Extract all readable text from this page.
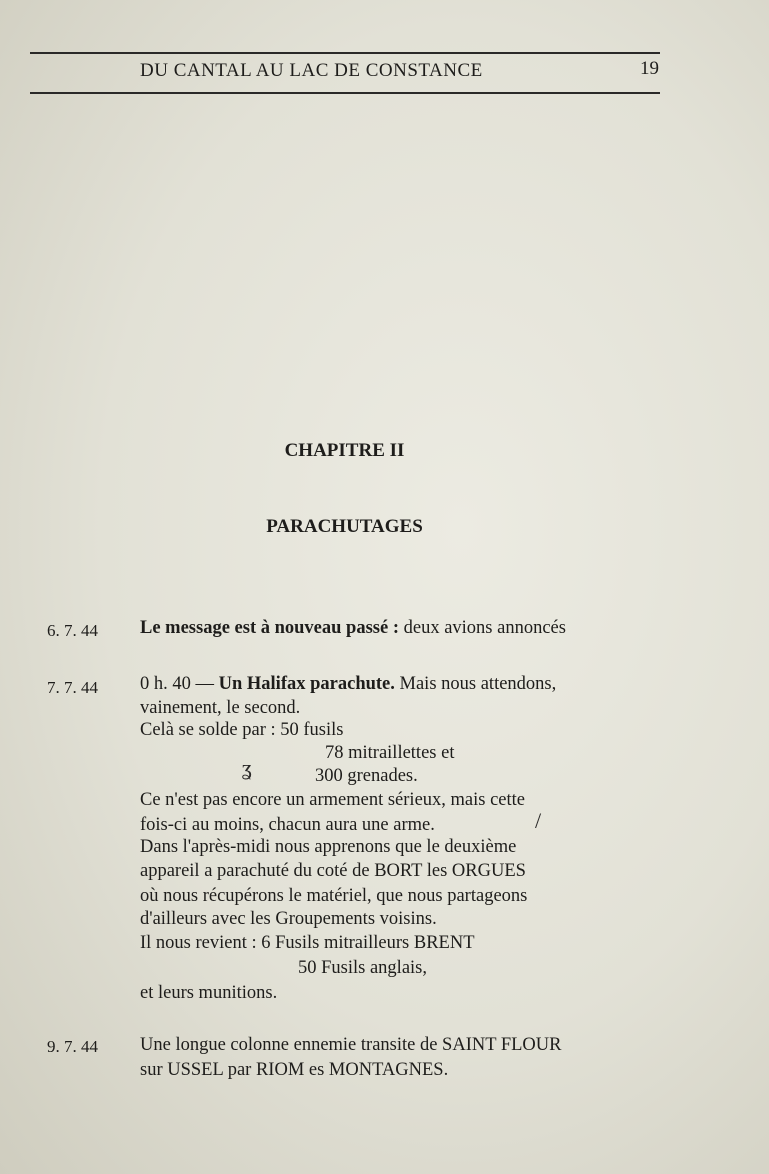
DU CANTAL AU LAC DE CONSTANCE	19
CHAPITRE II
PARACHUTAGES
6. 7. 44 Le message est à nouveau passé : deux avions annoncés
7. 7. 44 0 h. 40 — Un Halifax parachute. Mais nous attendons,
vainement, le second.
Celà se solde par : 50 fusils
78 mitraillettes et
300 grenades.
ʓ
Ce n'est pas encore un armement sérieux, mais cette
fois-ci au moins, chacun aura une arme.	/
Dans l'après-midi nous apprenons que le deuxième
appareil a parachuté du coté de BORT les ORGUES
où nous récupérons le matériel, que nous partageons
d'ailleurs avec les Groupements voisins.
Il nous revient : 6 Fusils mitrailleurs BRENT
50 Fusils anglais,
et leurs munitions.
9. 7. 44 Une longue colonne ennemie transite de SAINT FLOUR
sur USSEL par RIOM es MONTAGNES.
